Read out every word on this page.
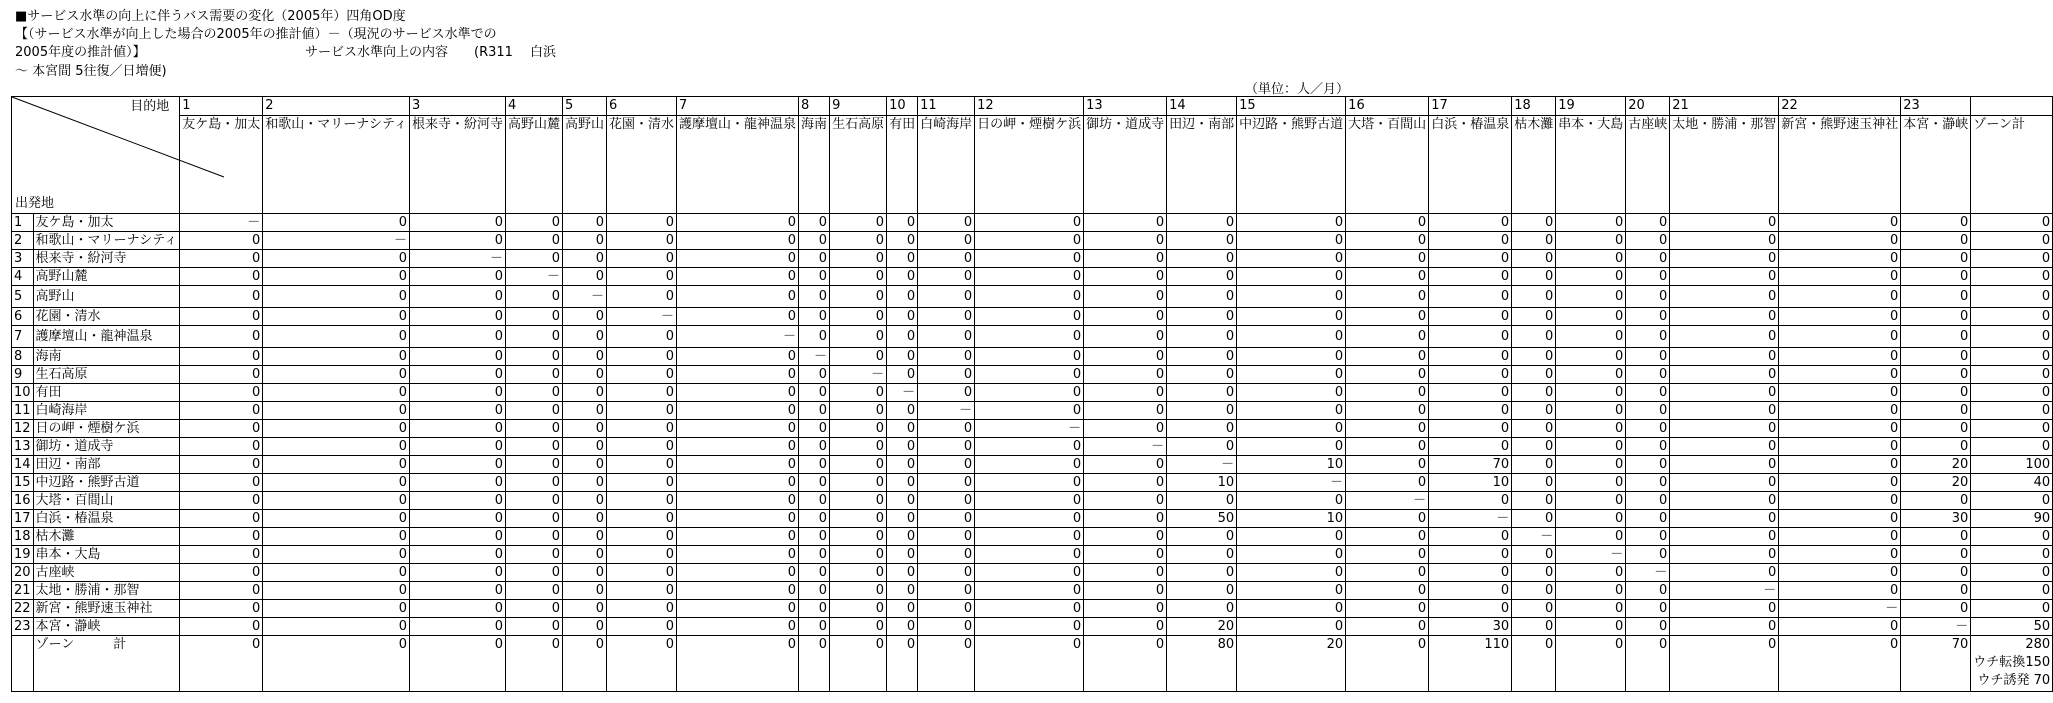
■サービス水準の向上に伴うバス需要の変化（2005年）四角OD度
【（サービス水準が向上した場合の2005年の推計値）－（現況のサービス水準での
2005年度の推計値）】	サービス水準向上の内容　　(R311　 白浜
～ 本宮間 5往復／日増便)
（単位：人／月）
目的地
出発地		1	2	3	4	5	6	7	8	9	10	11	12	13	14	15	16	17	18	19	20	21	22	23	
		友ケ島・加太	和歌山・マリーナシティ	根来寺・紛河寺	高野山麓	高野山	花園・清水	護摩壇山・龍神温泉	海南	生石高原	有田	白崎海岸	日の岬・煙樹ケ浜	御坊・道成寺	田辺・南部	中辺路・熊野古道	大塔・百間山	白浜・椿温泉	枯木灘	串本・大島	古座峡	太地・勝浦・那智	新宮・熊野速玉神社	本宮・瀞峡	ゾーン計
1	友ケ島・加太	－	0	0	0	0	0	0	0	0	0	0	0	0	0	0	0	0	0	0	0	0	0	0	0
2	和歌山・マリーナシティ	0	－	0	0	0	0	0	0	0	0	0	0	0	0	0	0	0	0	0	0	0	0	0	0
3	根来寺・紛河寺	0	0	－	0	0	0	0	0	0	0	0	0	0	0	0	0	0	0	0	0	0	0	0	0
4	高野山麓	0	0	0	－	0	0	0	0	0	0	0	0	0	0	0	0	0	0	0	0	0	0	0	0
5	高野山	0	0	0	0	－	0	0	0	0	0	0	0	0	0	0	0	0	0	0	0	0	0	0	0
6	花園・清水	0	0	0	0	0	－	0	0	0	0	0	0	0	0	0	0	0	0	0	0	0	0	0	0
7	護摩壇山・龍神温泉	0	0	0	0	0	0	－	0	0	0	0	0	0	0	0	0	0	0	0	0	0	0	0	0
8	海南	0	0	0	0	0	0	0	－	0	0	0	0	0	0	0	0	0	0	0	0	0	0	0	0
9	生石高原	0	0	0	0	0	0	0	0	－	0	0	0	0	0	0	0	0	0	0	0	0	0	0	0
10	有田	0	0	0	0	0	0	0	0	0	－	0	0	0	0	0	0	0	0	0	0	0	0	0	0
11	白崎海岸	0	0	0	0	0	0	0	0	0	0	－	0	0	0	0	0	0	0	0	0	0	0	0	0
12	日の岬・煙樹ケ浜	0	0	0	0	0	0	0	0	0	0	0	－	0	0	0	0	0	0	0	0	0	0	0	0
13	御坊・道成寺	0	0	0	0	0	0	0	0	0	0	0	0	－	0	0	0	0	0	0	0	0	0	0	0
14	田辺・南部	0	0	0	0	0	0	0	0	0	0	0	0	0	－	10	0	70	0	0	0	0	0	20	100
15	中辺路・熊野古道	0	0	0	0	0	0	0	0	0	0	0	0	0	10	－	0	10	0	0	0	0	0	20	40
16	大塔・百間山	0	0	0	0	0	0	0	0	0	0	0	0	0	0	0	－	0	0	0	0	0	0	0	0
17	白浜・椿温泉	0	0	0	0	0	0	0	0	0	0	0	0	0	50	10	0	－	0	0	0	0	0	30	90
18	枯木灘	0	0	0	0	0	0	0	0	0	0	0	0	0	0	0	0	0	－	0	0	0	0	0	0
19	串本・大島	0	0	0	0	0	0	0	0	0	0	0	0	0	0	0	0	0	0	－	0	0	0	0	0
20	古座峡	0	0	0	0	0	0	0	0	0	0	0	0	0	0	0	0	0	0	0	－	0	0	0	0
21	太地・勝浦・那智	0	0	0	0	0	0	0	0	0	0	0	0	0	0	0	0	0	0	0	0	－	0	0	0
22	新宮・熊野速玉神社	0	0	0	0	0	0	0	0	0	0	0	0	0	0	0	0	0	0	0	0	0	－	0	0
23	本宮・瀞峡	0	0	0	0	0	0	0	0	0	0	0	0	0	20	0	0	30	0	0	0	0	0	－	50
	ゾーン　　　計	0	0	0	0	0	0	0	0	0	0	0	0	0	80	20	0	110	0	0	0	0	0	70	280
ウチ転換150
ウチ誘発 70
